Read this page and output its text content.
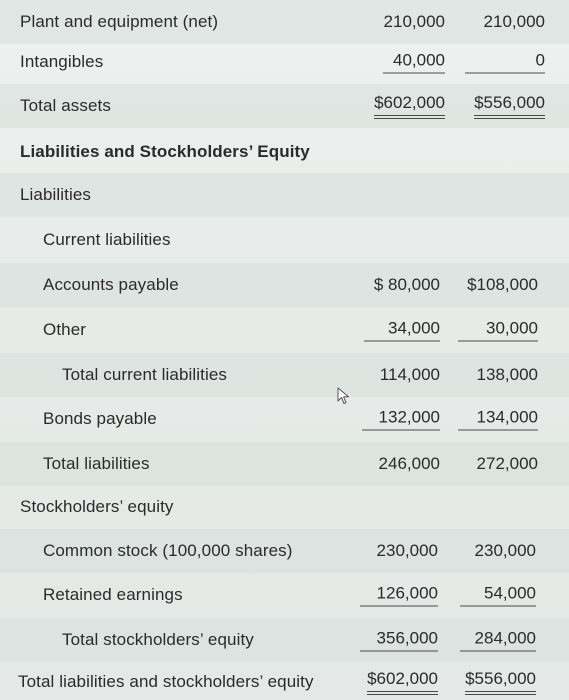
Plant and equipment (net)	210,000 210,000
Intangibles	40,000	0
Total assets	$602,000 $556,000
Liabilities and Stockholders’ Equity
Liabilities
Current liabilities
Accounts payable	$ 80,000 $108,000
Other	34,000	30,000
Total current liabilities	114,000 138,000
Bonds payable	132,000	134,000
Total liabilities	246,000 272,000
Stockholders’ equity
Common stock (100,000 shares)	230,000 230,000
Retained earnings	126,000	54,000
Total stockholders’ equity	356,000	284,000
Total liabilities and stockholders’ equity	$602,000 $556,000
